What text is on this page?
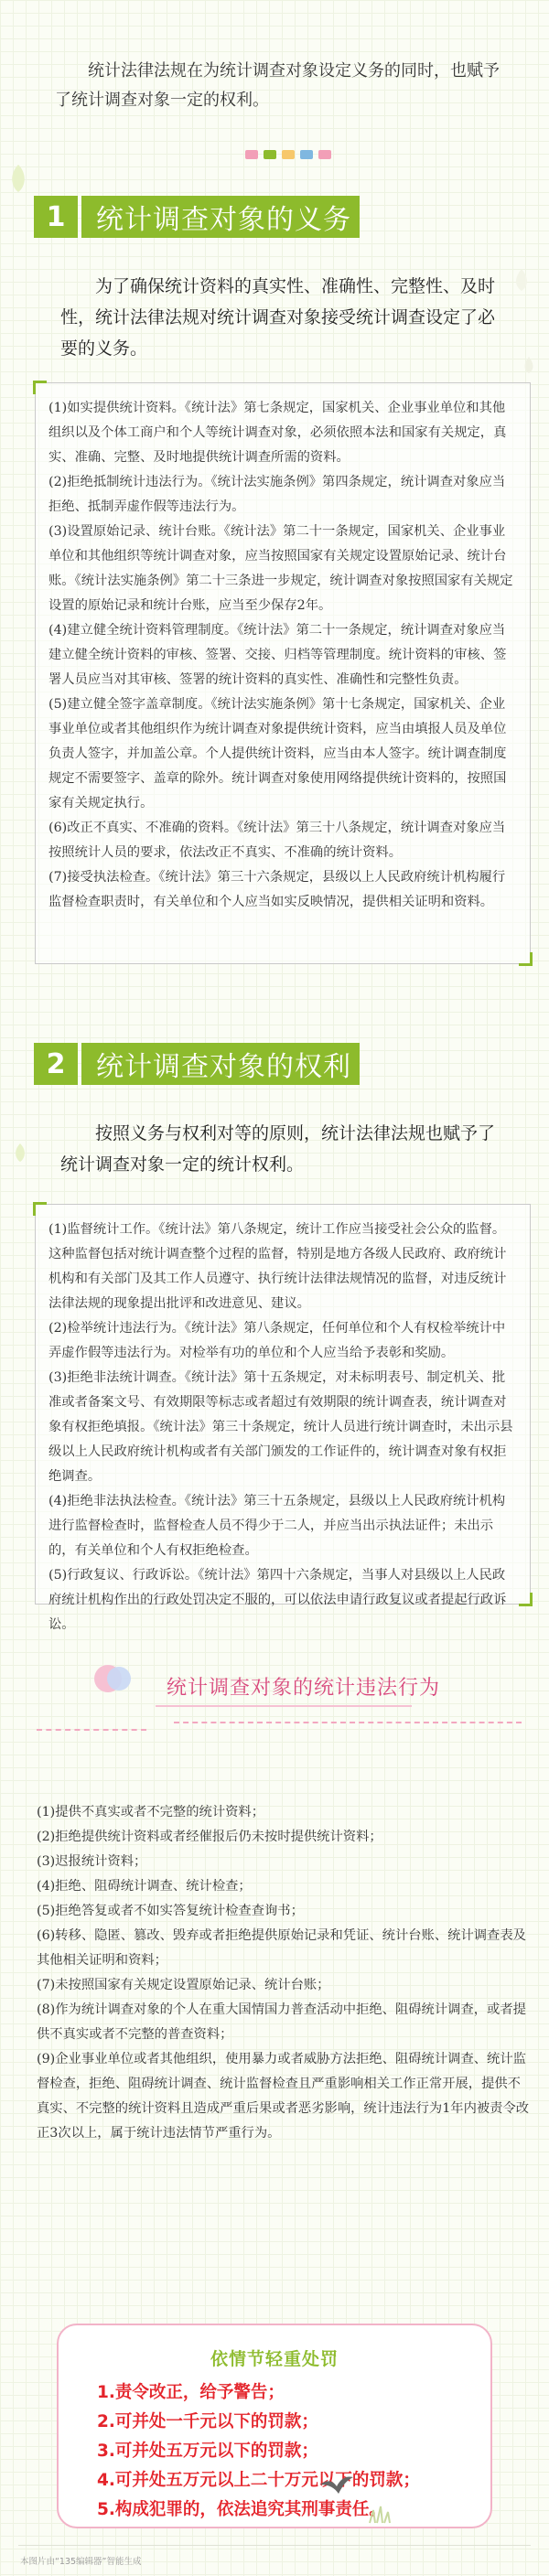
统计法律法规在为统计调查对象设定义务的同时，也赋予了统计调查对象一定的权利。
1	统计调查对象的义务
为了确保统计资料的真实性、准确性、完整性、及时性，统计法律法规对统计调查对象接受统计调查设定了必要的义务。

(1)如实提供统计资料。《统计法》第七条规定，国家机关、企业事业单位和其他组织以及个体工商户和个人等统计调查对象，必须依照本法和国家有关规定，真实、准确、完整、及时地提供统计调查所需的资料。

(2)拒绝抵制统计违法行为。《统计法实施条例》第四条规定，统计调查对象应当拒绝、抵制弄虚作假等违法行为。

(3)设置原始记录、统计台账。《统计法》第二十一条规定，国家机关、企业事业单位和其他组织等统计调查对象，应当按照国家有关规定设置原始记录、统计台账。《统计法实施条例》第二十三条进一步规定，统计调查对象按照国家有关规定设置的原始记录和统计台账，应当至少保存2年。

(4)建立健全统计资料管理制度。《统计法》第二十一条规定，统计调查对象应当建立健全统计资料的审核、签署、交接、归档等管理制度。统计资料的审核、签署人员应当对其审核、签署的统计资料的真实性、准确性和完整性负责。

(5)建立健全签字盖章制度。《统计法实施条例》第十七条规定，国家机关、企业事业单位或者其他组织作为统计调查对象提供统计资料，应当由填报人员及单位负责人签字，并加盖公章。个人提供统计资料，应当由本人签字。统计调查制度规定不需要签字、盖章的除外。统计调查对象使用网络提供统计资料的，按照国家有关规定执行。

(6)改正不真实、不准确的资料。《统计法》第三十八条规定，统计调查对象应当按照统计人员的要求，依法改正不真实、不准确的统计资料。

(7)接受执法检查。《统计法》第三十六条规定，县级以上人民政府统计机构履行监督检查职责时，有关单位和个人应当如实反映情况，提供相关证明和资料。

2	统计调查对象的权利
按照义务与权利对等的原则，统计法律法规也赋予了统计调查对象一定的统计权利。

(1)监督统计工作。《统计法》第八条规定，统计工作应当接受社会公众的监督。这种监督包括对统计调查整个过程的监督，特别是地方各级人民政府、政府统计机构和有关部门及其工作人员遵守、执行统计法律法规情况的监督，对违反统计法律法规的现象提出批评和改进意见、建议。

(2)检举统计违法行为。《统计法》第八条规定，任何单位和个人有权检举统计中弄虚作假等违法行为。对检举有功的单位和个人应当给予表彰和奖励。

(3)拒绝非法统计调查。《统计法》第十五条规定，对未标明表号、制定机关、批准或者备案文号、有效期限等标志或者超过有效期限的统计调查表，统计调查对象有权拒绝填报。《统计法》第三十条规定，统计人员进行统计调查时，未出示县级以上人民政府统计机构或者有关部门颁发的工作证件的，统计调查对象有权拒绝调查。

(4)拒绝非法执法检查。《统计法》第三十五条规定，县级以上人民政府统计机构进行监督检查时，监督检查人员不得少于二人，并应当出示执法证件；未出示的，有关单位和个人有权拒绝检查。

(5)行政复议、行政诉讼。《统计法》第四十六条规定，当事人对县级以上人民政府统计机构作出的行政处罚决定不服的，可以依法申请行政复议或者提起行政诉讼。

统计调查对象的统计违法行为

(1)提供不真实或者不完整的统计资料；

(2)拒绝提供统计资料或者经催报后仍未按时提供统计资料；

(3)迟报统计资料；

(4)拒绝、阻碍统计调查、统计检查；

(5)拒绝答复或者不如实答复统计检查查询书；

(6)转移、隐匿、篡改、毁弃或者拒绝提供原始记录和凭证、统计台账、统计调查表及其他相关证明和资料；

(7)未按照国家有关规定设置原始记录、统计台账；

(8)作为统计调查对象的个人在重大国情国力普查活动中拒绝、阻碍统计调查，或者提供不真实或者不完整的普查资料；

(9)企业事业单位或者其他组织，使用暴力或者威胁方法拒绝、阻碍统计调查、统计监督检查，拒绝、阻碍统计调查、统计监督检查且严重影响相关工作正常开展，提供不真实、不完整的统计资料且造成严重后果或者恶劣影响，统计违法行为1年内被责令改正3次以上，属于统计违法情节严重行为。

依情节轻重处罚

1.责令改正，给予警告；

2.可并处一千元以下的罚款；

3.可并处五万元以下的罚款；

4.可并处五万元以上二十万元以下的罚款；

5.构成犯罪的，依法追究其刑事责任。

本图片由“135编辑器”智能生成
